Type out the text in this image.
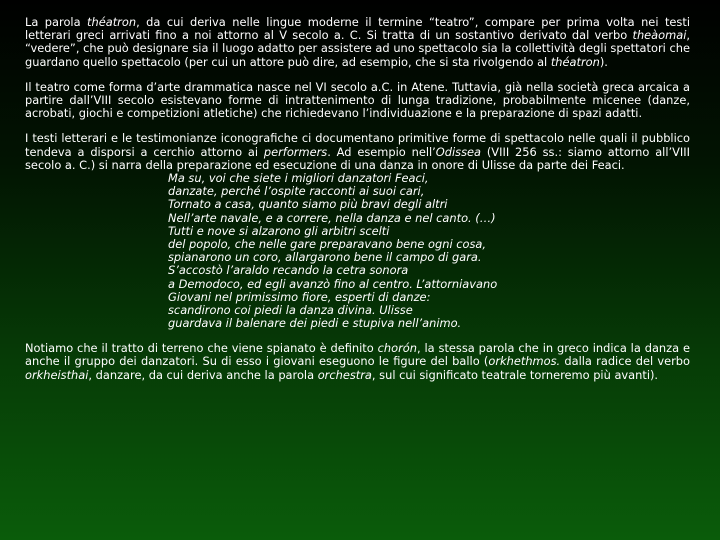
La parola théatron, da cui deriva nelle lingue moderne il termine “teatro”, compare per prima volta nei testi letterari greci arrivati fino a noi attorno al V secolo a. C. Si tratta di un sostantivo derivato dal verbo theàomai, “vedere”, che può designare sia il luogo adatto per assistere ad uno spettacolo sia la collettività degli spettatori che guardano quello spettacolo (per cui un attore può dire, ad esempio, che si sta rivolgendo al théatron).

Il teatro come forma d’arte drammatica nasce nel VI secolo a.C. in Atene. Tuttavia, già nella società greca arcaica a partire dall’VIII secolo esistevano forme di intrattenimento di lunga tradizione, probabilmente micenee (danze, acrobati, giochi e competizioni atletiche) che richiedevano l’individuazione e la preparazione di spazi adatti.

I testi letterari e le testimonianze iconografiche ci documentano primitive forme di spettacolo nelle quali il pubblico tendeva a disporsi a cerchio attorno ai performers. Ad esempio nell’Odissea (VIII 256 ss.: siamo attorno all’VIII secolo a. C.) si narra della preparazione ed esecuzione di una danza in onore di Ulisse da parte dei Feaci.

Ma su, voi che siete i migliori danzatori Feaci,
danzate, perché l’ospite racconti ai suoi cari,
Tornato a casa, quanto siamo più bravi degli altri
Nell’arte navale, e a correre, nella danza e nel canto. (…)
Tutti e nove si alzarono gli arbitri scelti
del popolo, che nelle gare preparavano bene ogni cosa,
spianarono un coro, allargarono bene il campo di gara.
S’accostò l’araldo recando la cetra sonora
a Demodoco, ed egli avanzò fino al centro. L’attorniavano
Giovani nel primissimo fiore, esperti di danze:
scandirono coi piedi la danza divina. Ulisse
guardava il balenare dei piedi e stupiva nell’animo.

Notiamo che il tratto di terreno che viene spianato è definito chorón, la stessa parola che in greco indica la danza e anche il gruppo dei danzatori. Su di esso i giovani eseguono le figure del ballo (orkhethmos. dalla radice del verbo orkheisthai, danzare, da cui deriva anche la parola orchestra, sul cui significato teatrale torneremo più avanti).
